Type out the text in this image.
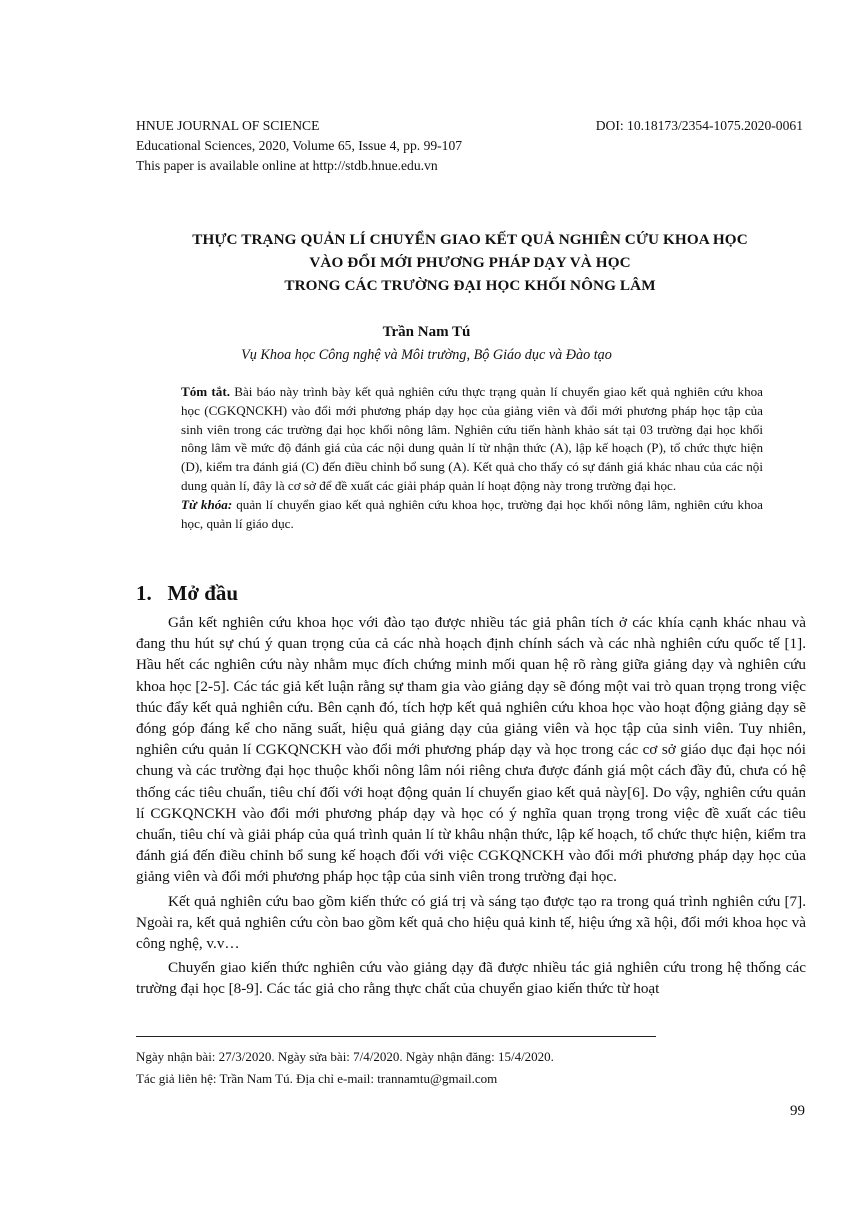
HNUE JOURNAL OF SCIENCE	DOI: 10.18173/2354-1075.2020-0061
Educational Sciences, 2020, Volume 65, Issue 4, pp. 99-107
This paper is available online at http://stdb.hnue.edu.vn
THỰC TRẠNG QUẢN LÍ CHUYỂN GIAO KẾT QUẢ NGHIÊN CỨU KHOA HỌC
VÀO ĐỔI MỚI PHƯƠNG PHÁP DẠY VÀ HỌC
TRONG CÁC TRƯỜNG ĐẠI HỌC KHỐI NÔNG LÂM
Trần Nam Tú
Vụ Khoa học Công nghệ và Môi trường, Bộ Giáo dục và Đào tạo

Tóm tắt. Bài báo này trình bày kết quả nghiên cứu thực trạng quản lí chuyển giao kết quả nghiên cứu khoa học (CGKQNCKH) vào đổi mới phương pháp dạy học của giảng viên và đổi mới phương pháp học tập của sinh viên trong các trường đại học khối nông lâm. Nghiên cứu tiến hành khảo sát tại 03 trường đại học khối nông lâm về mức độ đánh giá của các nội dung quản lí từ nhận thức (A), lập kế hoạch (P), tổ chức thực hiện (D), kiểm tra đánh giá (C) đến điều chỉnh bổ sung (A). Kết quả cho thấy có sự đánh giá khác nhau của các nội dung quản lí, đây là cơ sở để đề xuất các giải pháp quản lí hoạt động này trong trường đại học.

Từ khóa: quản lí chuyển giao kết quả nghiên cứu khoa học, trường đại học khối nông lâm, nghiên cứu khoa học, quản lí giáo dục.

1.   Mở đầu

Gắn kết nghiên cứu khoa học với đào tạo được nhiều tác giả phân tích ở các khía cạnh khác nhau và đang thu hút sự chú ý quan trọng của cả các nhà hoạch định chính sách và các nhà nghiên cứu quốc tế [1]. Hầu hết các nghiên cứu này nhằm mục đích chứng minh mối quan hệ rõ ràng giữa giảng dạy và nghiên cứu khoa học [2-5]. Các tác giả kết luận rằng sự tham gia vào giảng dạy sẽ đóng một vai trò quan trọng trong việc thúc đẩy kết quả nghiên cứu. Bên cạnh đó, tích hợp kết quả nghiên cứu khoa học vào hoạt động giảng dạy sẽ đóng góp đáng kể cho năng suất, hiệu quả giảng dạy của giảng viên và học tập của sinh viên. Tuy nhiên, nghiên cứu quản lí CGKQNCKH vào đổi mới phương pháp dạy và học trong các cơ sở giáo dục đại học nói chung và các trường đại học thuộc khối nông lâm nói riêng chưa được đánh giá một cách đầy đủ, chưa có hệ thống các tiêu chuẩn, tiêu chí đối với hoạt động quản lí chuyển giao kết quả này[6]. Do vậy, nghiên cứu quản lí CGKQNCKH vào đổi mới phương pháp dạy và học có ý nghĩa quan trọng trong việc đề xuất các tiêu chuẩn, tiêu chí và giải pháp của quá trình quản lí từ khâu nhận thức, lập kế hoạch, tổ chức thực hiện, kiểm tra đánh giá đến điều chỉnh bổ sung kế hoạch đối với việc CGKQNCKH vào đổi mới phương pháp dạy học của giảng viên và đổi mới phương pháp học tập của sinh viên trong trường đại học.

Kết quả nghiên cứu bao gồm kiến thức có giá trị và sáng tạo được tạo ra trong quá trình nghiên cứu [7]. Ngoài ra, kết quả nghiên cứu còn bao gồm kết quả cho hiệu quả kinh tế, hiệu ứng xã hội, đổi mới khoa học và công nghệ, v.v…

Chuyển giao kiến thức nghiên cứu vào giảng dạy đã được nhiều tác giả nghiên cứu trong hệ thống các trường đại học [8-9]. Các tác giả cho rằng thực chất của chuyển giao kiến thức từ hoạt

Ngày nhận bài: 27/3/2020. Ngày sửa bài: 7/4/2020. Ngày nhận đăng: 15/4/2020.
Tác giả liên hệ: Trần Nam Tú. Địa chỉ e-mail: trannamtu@gmail.com
99
